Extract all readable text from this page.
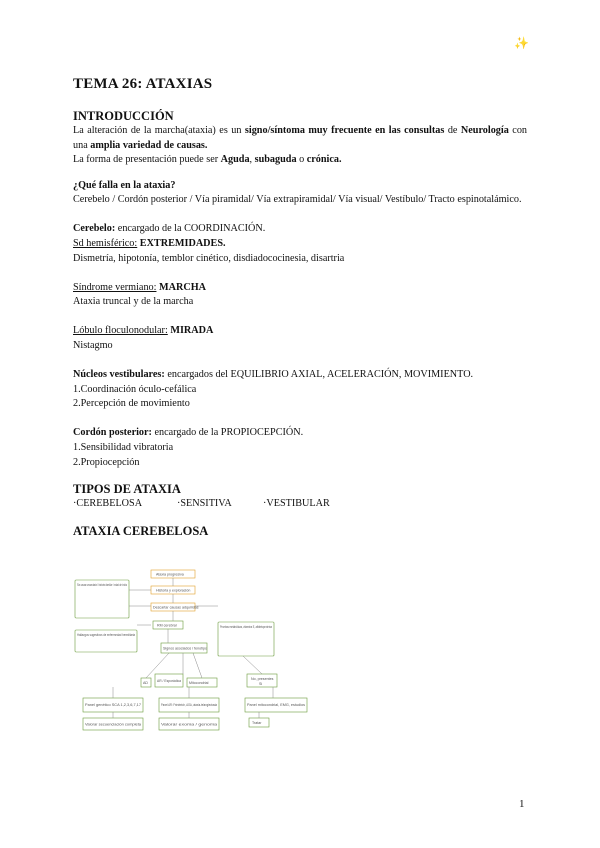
✨
TEMA 26: ATAXIAS

INTRODUCCIÓN

La alteración de la marcha(ataxia) es un signo/síntoma muy frecuente en las consultas de Neurología con una amplia variedad de causas.

La forma de presentación puede ser Aguda, subaguda o crónica.

¿Qué falla en la ataxia?

Cerebelo / Cordón posterior / Vía piramidal/ Vía extrapiramidal/ Vía visual/ Vestíbulo/ Tracto espinotalámico.

Cerebelo: encargado de la COORDINACIÓN.

Sd hemisférico: EXTREMIDADES.

Dismetría, hipotonía, temblor cinético, disdiadococinesia, disartria

Síndrome vermiano: MARCHA

Ataxia truncal y de la marcha

Lóbulo floculonodular: MIRADA

Nistagmo

Núcleos vestibulares: encargados del EQUILIBRIO AXIAL, ACELERACIÓN, MOVIMIENTO.

1.Coordinación óculo-cefálica

2.Percepción de movimiento

Cordón posterior: encargado de la PROPIOCEPCIÓN.

1.Sensibilidad vibratoria

2.Propiocepción

TIPOS DE ATAXIA

·CEREBELOSA	·SENSITIVA	·VESTIBULAR

ATAXIA CEREBELOSA

Ataxia progresiva
Historia y exploración
Descartar causas adquiridas
RM cerebral
Signos asociados / fenotipo
Sin causa secundaria / historia familiar / edad de inicio
Hallazgos sugestivos de enfermedad hereditaria
Pruebas metabólicas, vitamina E, alfafetoproteína
AD	AR / Esporádica Mitocondrial
No, presentes
Si
Panel genético SCA 1,2,3,6,7,17	Panel AR: Friedreich, AOA, ataxia-telangiectasia	Panel mitocondrial, EMG, estudios
Valorar secuenciación completa	Valorar exoma / genoma	Tratar
1
